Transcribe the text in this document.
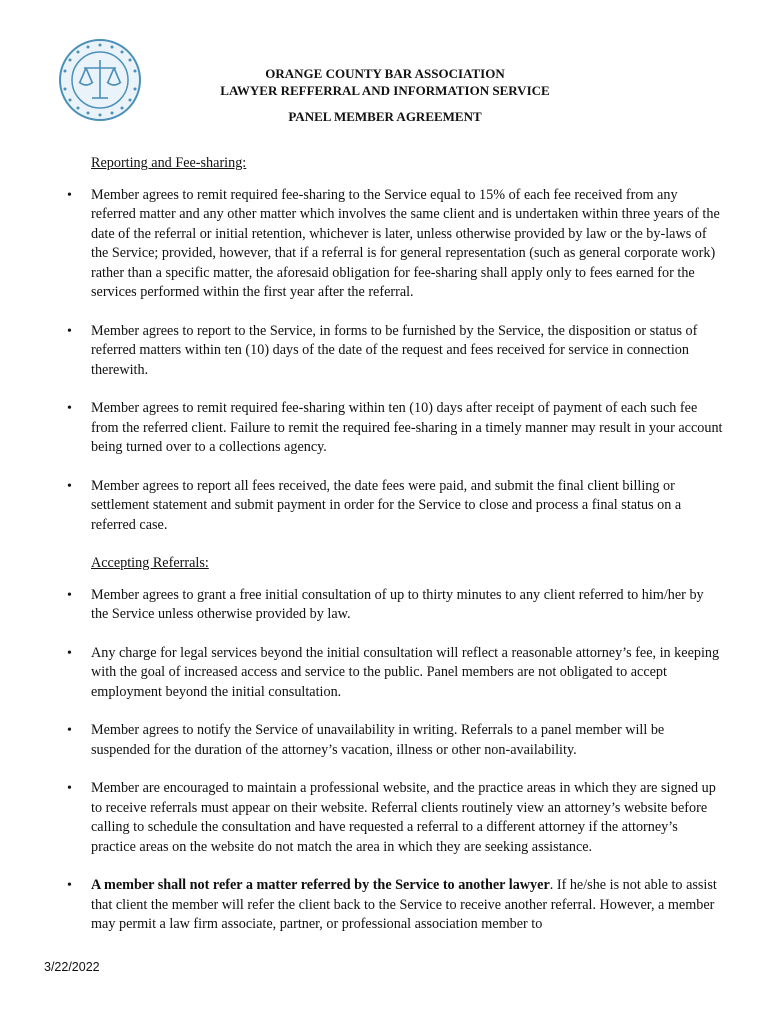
ORANGE COUNTY BAR ASSOCIATION
LAWYER REFFERRAL AND INFORMATION SERVICE
PANEL MEMBER AGREEMENT
Reporting and Fee-sharing:
• Member agrees to remit required fee-sharing to the Service equal to 15% of each fee received from any referred matter and any other matter which involves the same client and is undertaken within three years of the date of the referral or initial retention, whichever is later, unless otherwise provided by law or the by-laws of the Service; provided, however, that if a referral is for general representation (such as general corporate work) rather than a specific matter, the aforesaid obligation for fee-sharing shall apply only to fees earned for the services performed within the first year after the referral.
• Member agrees to report to the Service, in forms to be furnished by the Service, the disposition or status of referred matters within ten (10) days of the date of the request and fees received for service in connection therewith.
• Member agrees to remit required fee-sharing within ten (10) days after receipt of payment of each such fee from the referred client. Failure to remit the required fee-sharing in a timely manner may result in your account being turned over to a collections agency.
• Member agrees to report all fees received, the date fees were paid, and submit the final client billing or settlement statement and submit payment in order for the Service to close and process a final status on a referred case.
Accepting Referrals:
• Member agrees to grant a free initial consultation of up to thirty minutes to any client referred to him/her by the Service unless otherwise provided by law.
• Any charge for legal services beyond the initial consultation will reflect a reasonable attorney’s fee, in keeping with the goal of increased access and service to the public. Panel members are not obligated to accept employment beyond the initial consultation.
• Member agrees to notify the Service of unavailability in writing. Referrals to a panel member will be suspended for the duration of the attorney’s vacation, illness or other non-availability.
• Member are encouraged to maintain a professional website, and the practice areas in which they are signed up to receive referrals must appear on their website. Referral clients routinely view an attorney’s website before calling to schedule the consultation and have requested a referral to a different attorney if the attorney’s practice areas on the website do not match the area in which they are seeking assistance.
• A member shall not refer a matter referred by the Service to another lawyer. If he/she is not able to assist that client the member will refer the client back to the Service to receive another referral. However, a member may permit a law firm associate, partner, or professional association member to
3/22/2022
